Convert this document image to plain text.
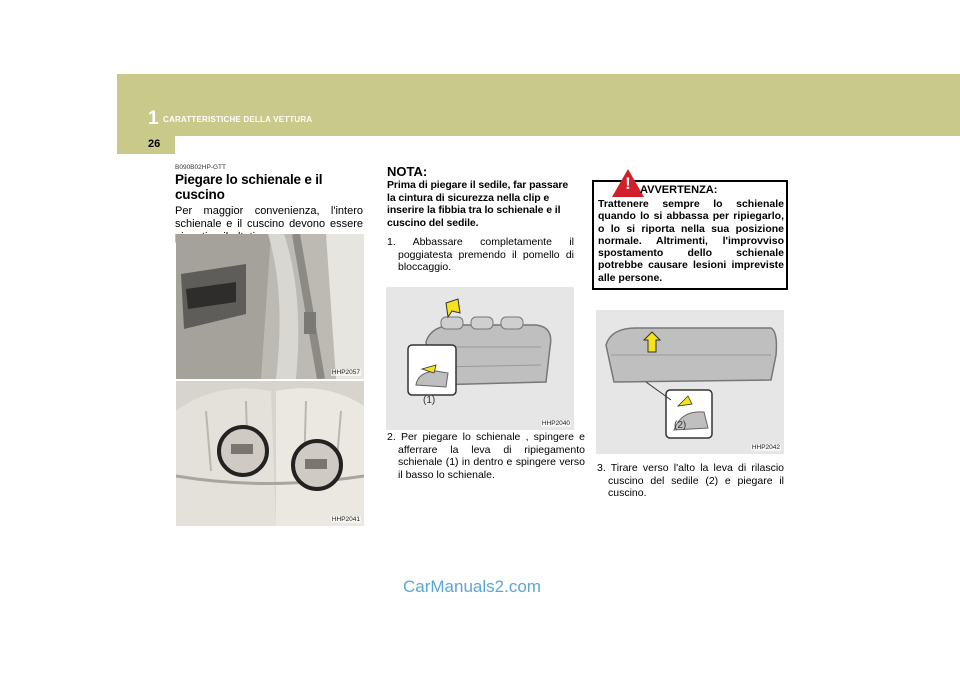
1 CARATTERISTICHE DELLA VETTURA
26
B090B02HP-GTT
Piegare lo schienale e il cuscino
Per maggior convenienza, l'intero schienale e il cuscino devono essere
HHP2057
HHP2041
NOTA:
Prima di piegare il sedile, far passare la cintura di sicurezza nella clip e inserire la fibbia tra lo schienale e il cuscino del sedile.
1. Abbassare completamente il poggiatesta premendo il pomello di bloccaggio.
(1)
HHP2040
2. Per piegare lo schienale , spingere e afferrare la leva di ripiegamento schienale (1) in dentro e spingere verso il basso lo schienale.
! AVVERTENZA:
Trattenere sempre lo schienale quando lo si abbassa per ripiegarlo, o lo si riporta nella sua posizione normale. Altrimenti, l'improvviso spostamento dello schienale potrebbe causare lesioni impreviste alle persone.
(2)
HHP2042
3. Tirare verso l'alto la leva di rilascio cuscino del sedile (2) e piegare il cuscino.
CarManuals2.com
